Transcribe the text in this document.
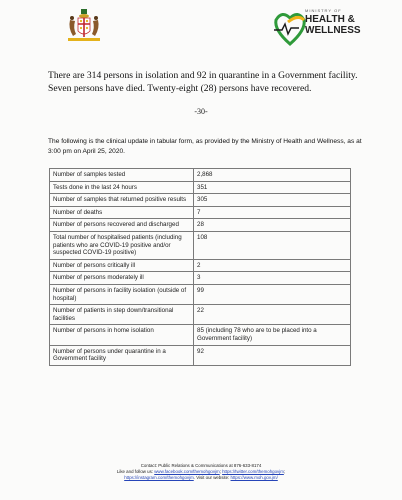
MINISTRY OF
HEALTH &
WELLNESS
There are 314 persons in isolation and 92 in quarantine in a Government facility. Seven persons have died. Twenty-eight (28) persons have recovered.
-30-
The following is the clinical update in tabular form, as provided by the Ministry of Health and Wellness, as at 3:00 pm on April 25, 2020.
Number of samples tested	2,868
Tests done in the last 24 hours	351
Number of samples that returned positive results	305
Number of deaths	7
Number of persons recovered and discharged	28
Total number of hospitalised patients (including patients who are COVID-19 positive and/or suspected COVID-19 positive)	108
Number of persons critically ill	2
Number of persons moderately ill	3
Number of persons in facility isolation (outside of hospital)	99
Number of patients in step down/transitional facilities	22
Number of persons in home isolation	85 (including 78 who are to be placed into a Government facility)
Number of persons under quarantine in a Government facility	92
Contact: Public Relations & Communications at 876-633-8174
Like and follow us: www.facebook.com/themohgovjm; https://twitter.com/themohgovjm;
https://instagram.com/themohgovjm. Visit our website: https://www.moh.gov.jm/
